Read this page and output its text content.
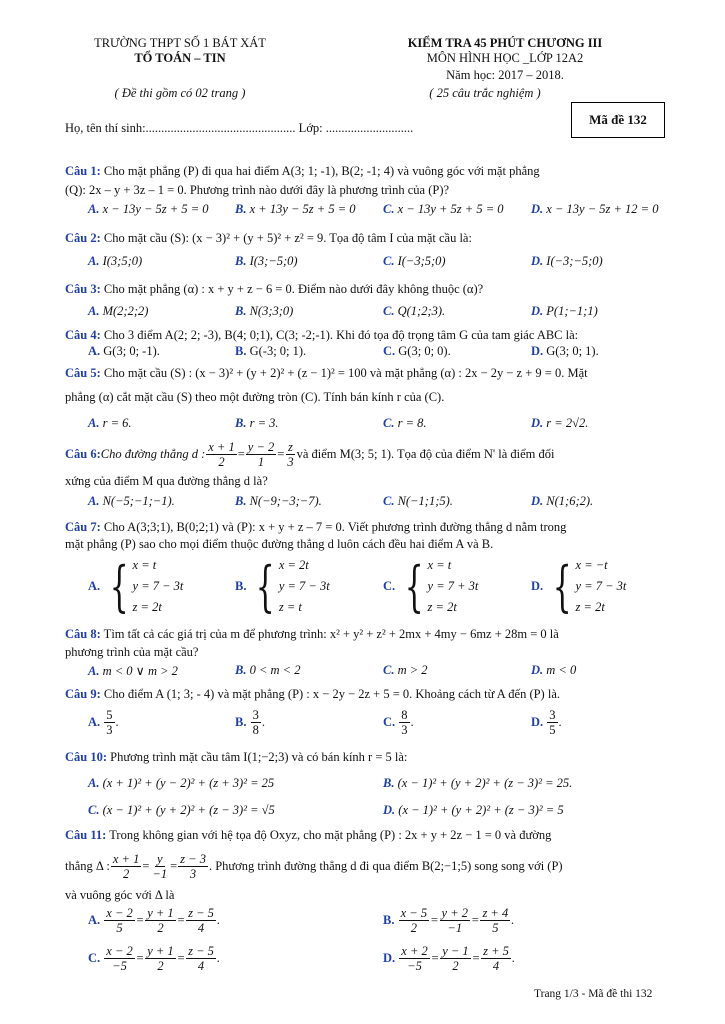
TRƯỜNG THPT SỐ 1 BÁT XÁT
TỔ TOÁN – TIN
( Đề thi gồm có 02 trang )
KIỂM TRA 45 PHÚT CHƯƠNG III
MÔN HÌNH HỌC _LỚP 12A2
Năm học: 2017 – 2018.
( 25 câu trắc nghiệm )
Mã đề 132
Họ, tên thí sinh:................................................ Lớp: ............................
Câu 1: Cho mặt phẳng (P) đi qua hai điểm A(3; 1; -1), B(2; -1; 4) và vuông góc với mặt phẳng
(Q): 2x – y + 3z – 1 = 0. Phương trình nào dưới đây là phương trình của (P)?
A. x − 13y − 5z + 5 = 0 B. x + 13y − 5z + 5 = 0 C. x − 13y + 5z + 5 = 0 D. x − 13y − 5z + 12 = 0
Câu 2: Cho mặt cầu (S): (x − 3)² + (y + 5)² + z² = 9. Tọa độ tâm I của mặt cầu là:
A. I(3;5;0)	B. I(3;−5;0)	C. I(−3;5;0)	D. I(−3;−5;0)
Câu 3: Cho mặt phẳng (α) : x + y + z − 6 = 0. Điểm nào dưới đây không thuộc (α)?
A. M(2;2;2)	B. N(3;3;0)	C. Q(1;2;3).	D. P(1;−1;1)
Câu 4: Cho 3 điểm A(2; 2; -3), B(4; 0;1), C(3; -2;-1). Khi đó tọa độ trọng tâm G của tam giác ABC là:
A. G(3; 0; -1).	B. G(-3; 0; 1).	C. G(3; 0; 0).	D. G(3; 0; 1).
Câu 5: Cho mặt cầu (S) : (x − 3)² + (y + 2)² + (z − 1)² = 100 và mặt phẳng (α) : 2x − 2y − z + 9 = 0. Mặt
phẳng (α) cắt mặt cầu (S) theo một đường tròn (C). Tính bán kính r của (C).
A. r = 6.	B. r = 3.	C. r = 8.	D. r = 2√2.
Câu 6: Cho đường thẳng d : $\frac{x + 1}{2} = \frac{y - 2}{1} = \frac{z}{3}$ và điểm M(3; 5; 1). Tọa độ của điểm N' là điểm đối
xứng của điểm M qua đường thẳng d là?
A. N(−5;−1;−1).	B. N(−9;−3;−7).	C. N(−1;1;5).	D. N(1;6;2).
Câu 7: Cho A(3;3;1), B(0;2;1) và (P): x + y + z – 7 = 0. Viết phương trình đường thẳng d nằm trong
mặt phẳng (P) sao cho mọi điểm thuộc đường thẳng d luôn cách đều hai điểm A và B.
A. { x = t
y = 7 − 3t
z = 2t
B. { x = 2t
y = 7 − 3t
z = t
C. { x = t
y = 7 + 3t
z = 2t
D. { x = −t
y = 7 − 3t
z = 2t
Câu 8: Tìm tất cả các giá trị của m để phương trình: x² + y² + z² + 2mx + 4my − 6mz + 28m = 0 là
phương trình của mặt cầu?
A. m < 0 ∨ m > 2	B. 0 < m < 2	C. m > 2	D. m < 0
Câu 9: Cho điểm A (1; 3; - 4) và mặt phẳng (P) : x − 2y − 2z + 5 = 0. Khoảng cách từ A đến (P) là.
A.
$\frac{5}{3}$ .	B.
$\frac{3}{8}$ .	C.
$\frac{8}{3}$ .	D.
$\frac{3}{5}$ .
Câu 10: Phương trình mặt cầu tâm I(1;−2;3) và có bán kính r = 5 là:
A. (x + 1)² + (y − 2)² + (z + 3)² = 25	B. (x − 1)² + (y + 2)² + (z − 3)² = 25.
C. (x − 1)² + (y + 2)² + (z − 3)² = √5	D. (x − 1)² + (y + 2)² + (z − 3)² = 5
Câu 11: Trong không gian với hệ tọa độ Oxyz, cho mặt phẳng (P) : 2x + y + 2z − 1 = 0 và đường
thẳng Δ : $\frac{x + 1}{2} = \frac{y}{-1} = \frac{z - 3}{3}$ . Phương trình đường thẳng d đi qua điểm B(2;−1;5) song song với (P)
và vuông góc với Δ là
A.
$\frac{x - 2}{5} = \frac{y + 1}{2} = \frac{z - 5}{4}$ .	B.
$\frac{x - 5}{2} = \frac{y + 2}{-1} = \frac{z + 4}{5}$ .
C.
$\frac{x - 2}{-5} = \frac{y + 1}{2} = \frac{z - 5}{4}$ .	D.
$\frac{x + 2}{-5} = \frac{y - 1}{2} = \frac{z + 5}{4}$ .
Trang 1/3 - Mã đề thi 132
